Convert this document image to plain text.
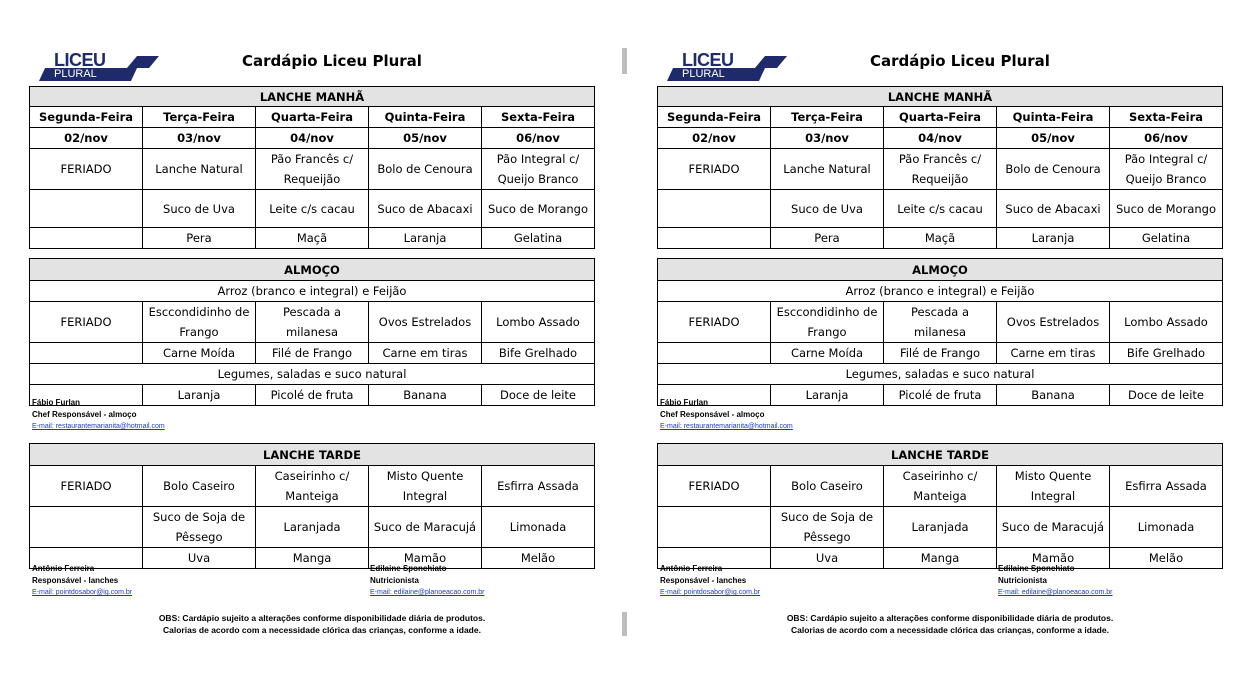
LICEU
PLURAL
Cardápio Liceu Plural
LANCHE MANHÃ				
Segunda-Feira	Terça-Feira	Quarta-Feira	Quinta-Feira	Sexta-Feira
02/nov	03/nov	04/nov	05/nov	06/nov
FERIADO	Lanche Natural	Pão Francês c/ Requeijão	Bolo de Cenoura	Pão Integral c/ Queijo Branco
	Suco de Uva	Leite c/s cacau	Suco de Abacaxi	Suco de Morango
	Pera	Maçã	Laranja	Gelatina
ALMOÇO				
Arroz (branco e integral) e Feijão				
FERIADO	Esccondidinho de Frango	Pescada a milanesa	Ovos Estrelados	Lombo Assado
	Carne Moída	Filé de Frango	Carne em tiras	Bife Grelhado
Legumes, saladas e suco natural				
	Laranja	Picolé de fruta	Banana	Doce de leite
Fábio Furlan
Chef Responsável - almoço
E-mail: restaurantemarianita@hotmail.com
LANCHE TARDE				
FERIADO	Bolo Caseiro	Caseirinho c/ Manteiga	Misto Quente Integral	Esfirra Assada
	Suco de Soja de Pêssego	Laranjada	Suco de Maracujá	Limonada
	Uva	Manga	Mamão	Melão
Antônio Ferreira
Responsável - lanches
E-mail: pointdosabor@ig.com.br
Edilaine Sponchiato
Nutricionista
E-mail: edilaine@planoeacao.com.br
OBS: Cardápio sujeito a alterações conforme disponibilidade diária de produtos.
Calorias de acordo com a necessidade clórica das crianças, conforme a idade.
LICEU
PLURAL
Cardápio Liceu Plural
LANCHE MANHÃ				
Segunda-Feira	Terça-Feira	Quarta-Feira	Quinta-Feira	Sexta-Feira
02/nov	03/nov	04/nov	05/nov	06/nov
FERIADO	Lanche Natural	Pão Francês c/ Requeijão	Bolo de Cenoura	Pão Integral c/ Queijo Branco
	Suco de Uva	Leite c/s cacau	Suco de Abacaxi	Suco de Morango
	Pera	Maçã	Laranja	Gelatina
ALMOÇO				
Arroz (branco e integral) e Feijão				
FERIADO	Esccondidinho de Frango	Pescada a milanesa	Ovos Estrelados	Lombo Assado
	Carne Moída	Filé de Frango	Carne em tiras	Bife Grelhado
Legumes, saladas e suco natural				
	Laranja	Picolé de fruta	Banana	Doce de leite
Fábio Furlan
Chef Responsável - almoço
E-mail: restaurantemarianita@hotmail.com
LANCHE TARDE				
FERIADO	Bolo Caseiro	Caseirinho c/ Manteiga	Misto Quente Integral	Esfirra Assada
	Suco de Soja de Pêssego	Laranjada	Suco de Maracujá	Limonada
	Uva	Manga	Mamão	Melão
Antônio Ferreira
Responsável - lanches
E-mail: pointdosabor@ig.com.br
Edilaine Sponchiato
Nutricionista
E-mail: edilaine@planoeacao.com.br
OBS: Cardápio sujeito a alterações conforme disponibilidade diária de produtos.
Calorias de acordo com a necessidade clórica das crianças, conforme a idade.
